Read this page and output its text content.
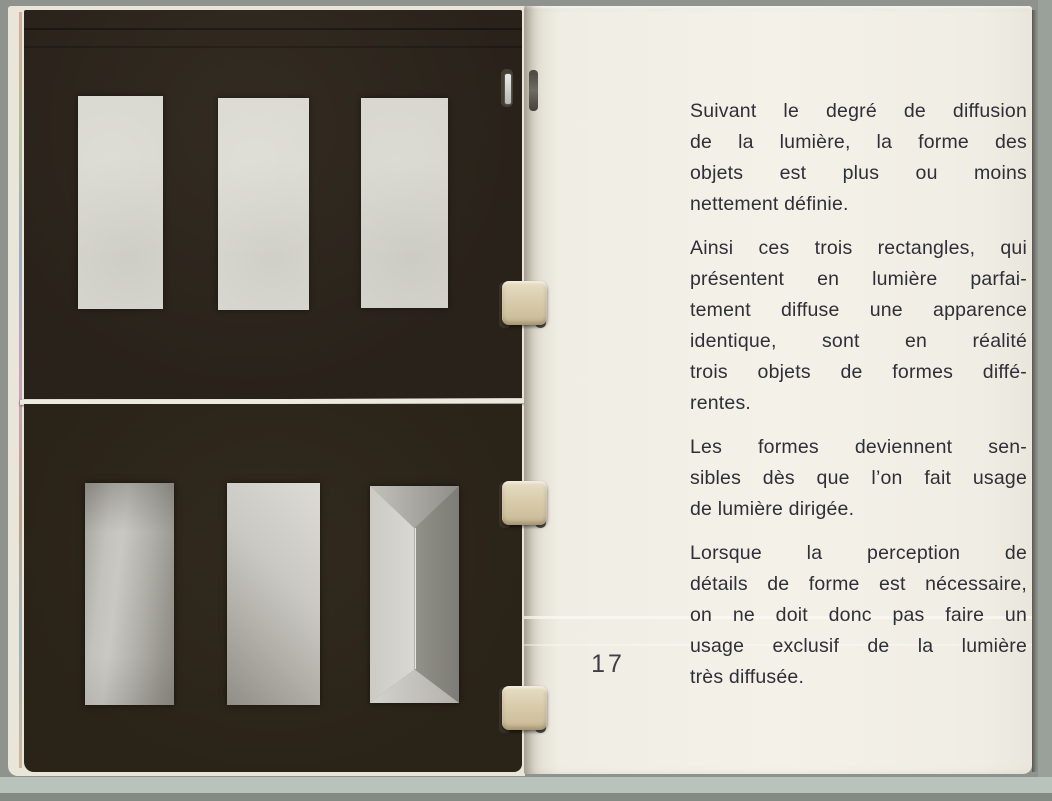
Suivant le degré de diffusion
de la lumière, la forme des
objets est plus ou moins
nettement définie.
Ainsi ces trois rectangles, qui
présentent en lumière parfai-
tement diffuse une apparence
identique, sont en réalité
trois objets de formes diffé-
rentes.
Les formes deviennent sen-
sibles dès que l’on fait usage
de lumière dirigée.
Lorsque la perception de
détails de forme est nécessaire,
on ne doit donc pas faire un
usage exclusif de la lumière
très diffusée.
17
